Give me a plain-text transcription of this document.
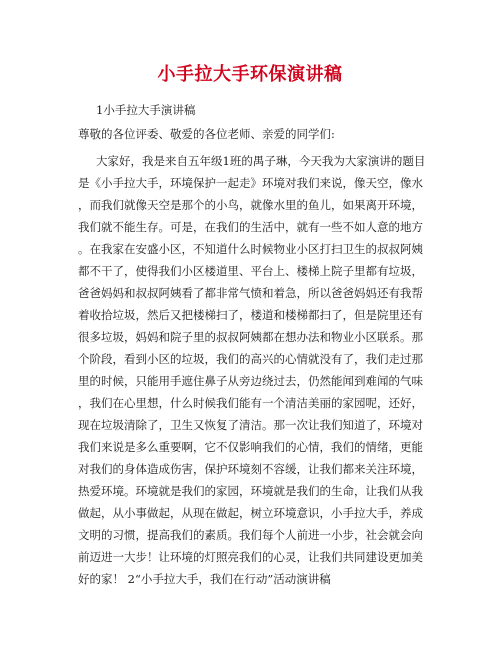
小手拉大手环保演讲稿
1小手拉大手演讲稿
尊敬的各位评委、敬爱的各位老师、亲爱的同学们:
大家好，我是来自五年级1班的禺子琳，今天我为大家演讲的题目
是《小手拉大手，环境保护一起走》环境对我们来说，像天空，像水
，而我们就像天空是那个的小鸟，就像水里的鱼儿，如果离开环境，
我们就不能生存。可是，在我们的生活中，就有一些不如人意的地方
。在我家在安盛小区，不知道什么时候物业小区打扫卫生的叔叔阿姨
都不干了，使得我们小区楼道里、平台上、楼梯上院子里都有垃圾，
爸爸妈妈和叔叔阿姨看了都非常气愤和着急，所以爸爸妈妈还有我帮
着收拾垃圾，然后又把楼梯扫了，楼道和楼梯都扫了，但是院里还有
很多垃圾，妈妈和院子里的叔叔阿姨都在想办法和物业小区联系。那
个阶段，看到小区的垃圾，我们的高兴的心情就没有了，我们走过那
里的时候，只能用手遮住鼻子从旁边绕过去，仍然能闻到难闻的气味
，我们在心里想，什么时候我们能有一个清洁美丽的家园呢，还好，
现在垃圾清除了，卫生又恢复了清洁。那一次让我们知道了，环境对
我们来说是多么重要啊，它不仅影响我们的心情，我们的情绪，更能
对我们的身体造成伤害，保护环境刻不容缓，让我们都来关注环境，
热爱环境。环境就是我们的家园，环境就是我们的生命，让我们从我
做起，从小事做起，从现在做起，树立环境意识，小手拉大手，养成
文明的习惯，提高我们的素质。我们每个人前进一小步，社会就会向
前迈进一大步！让环境的灯照亮我们的心灵，让我们共同建设更加美
好的家！ 2“小手拉大手，我们在行动”活动演讲稿
